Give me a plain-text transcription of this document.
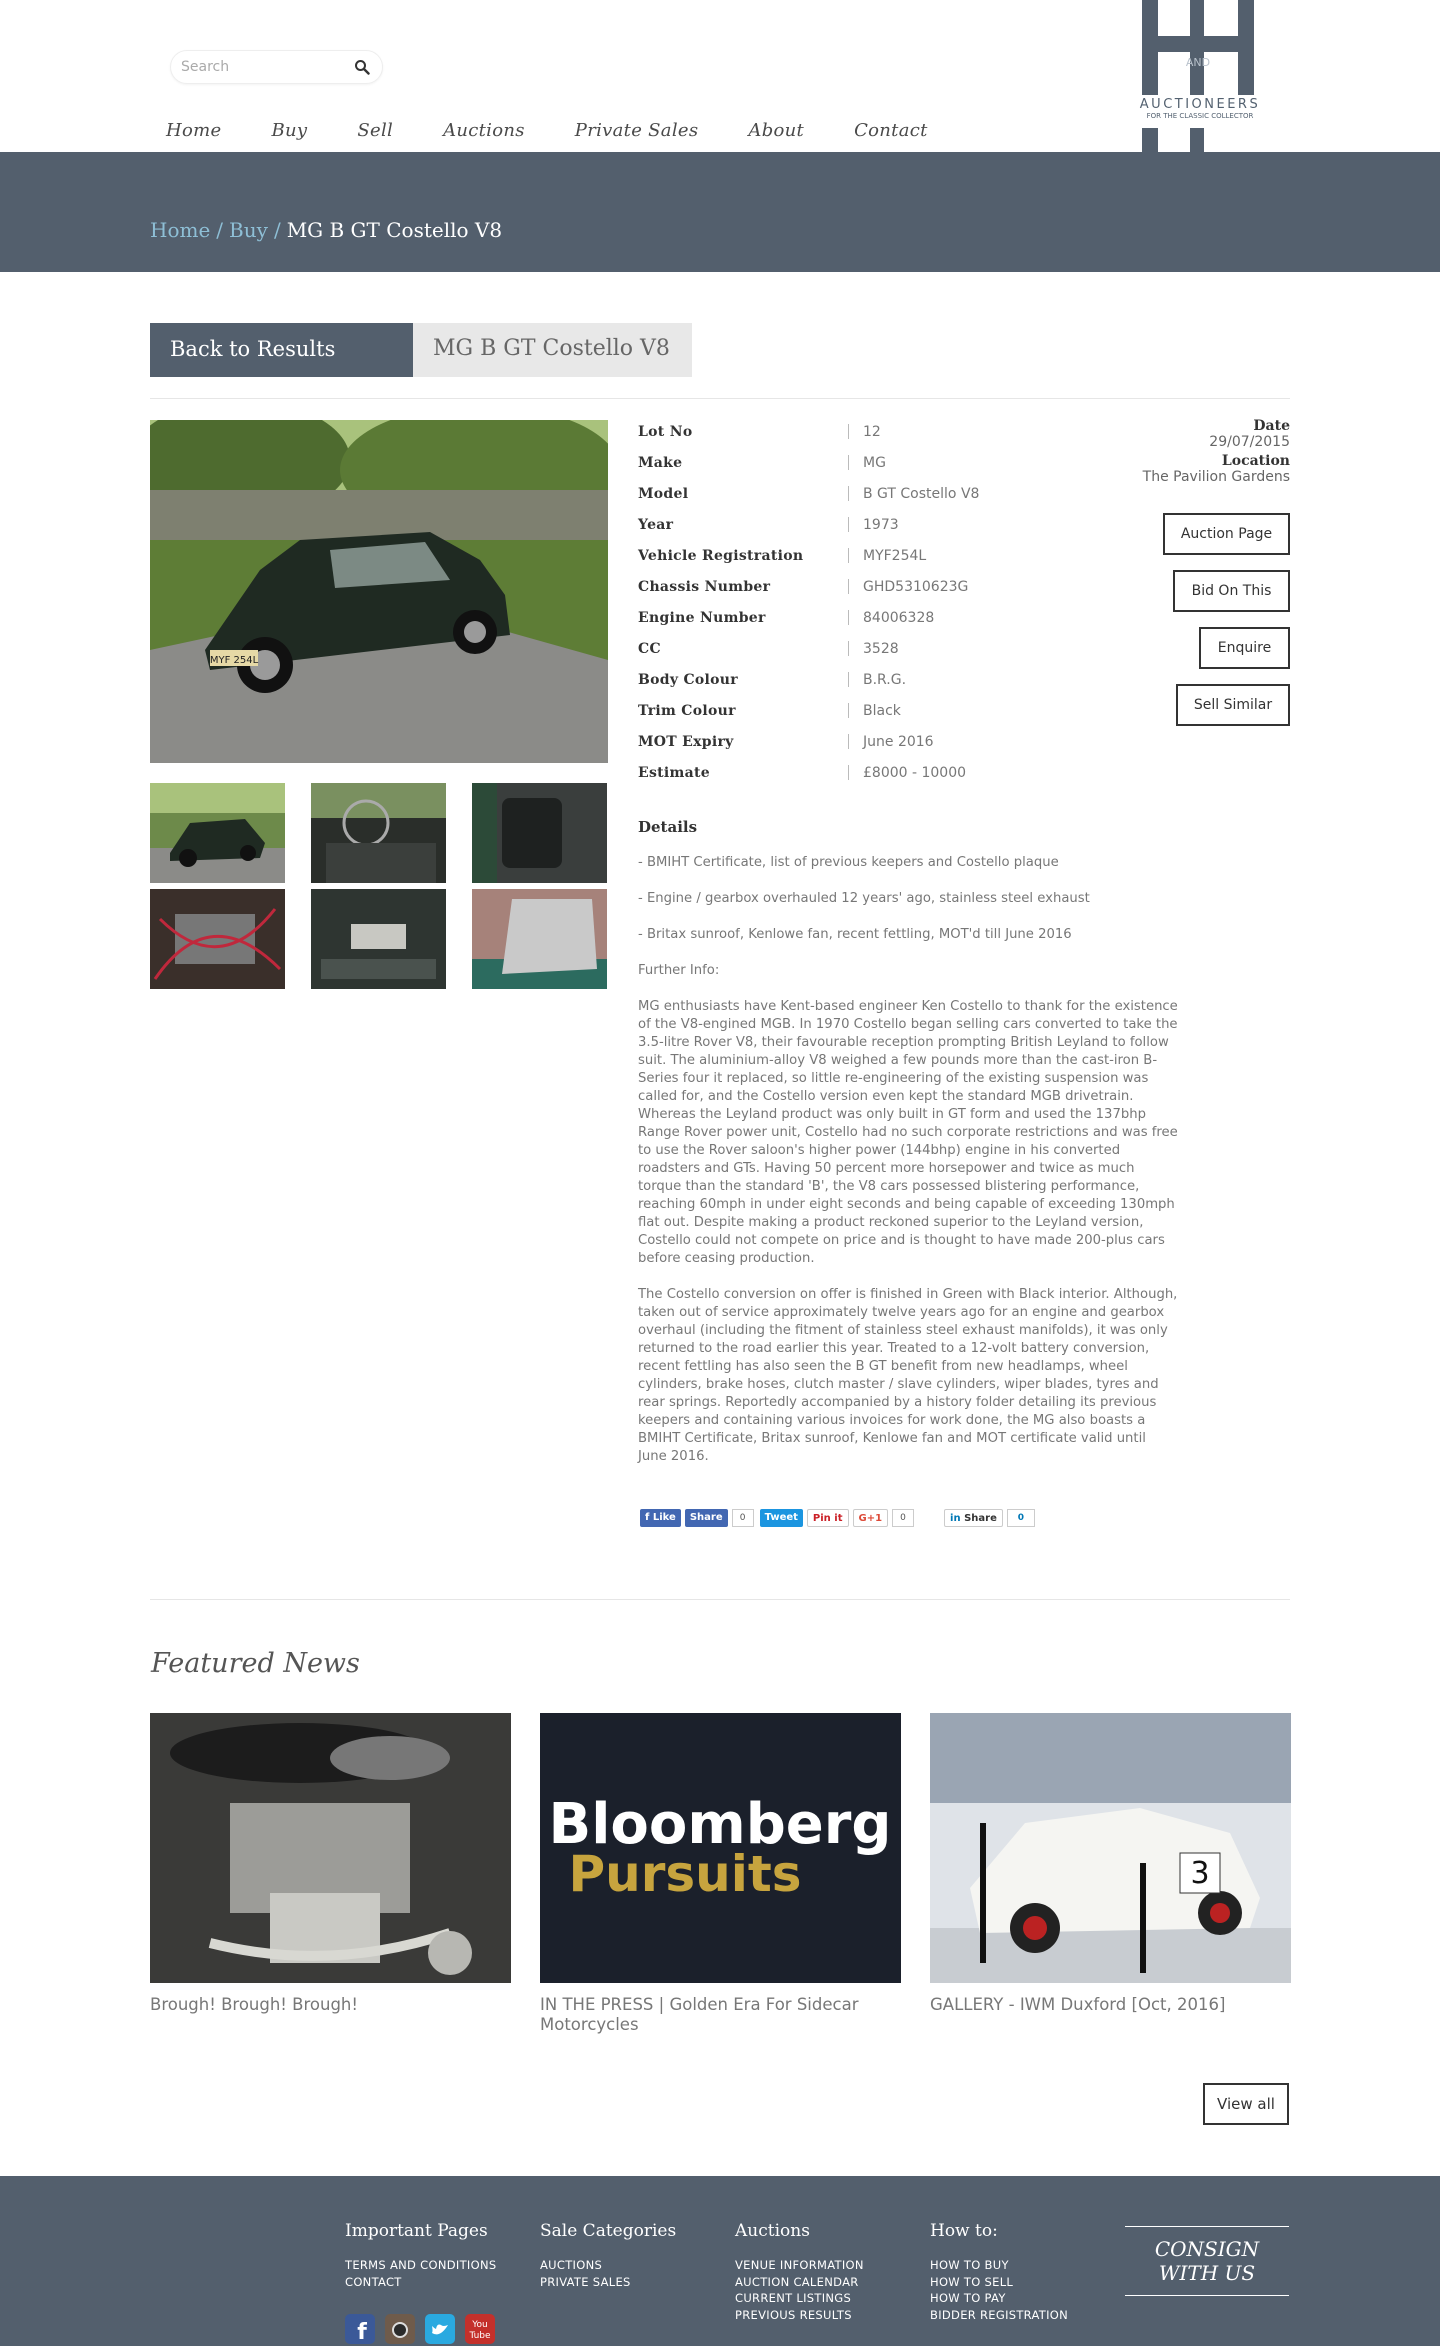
Search
Home	Buy	Sell	Auctions	Private Sales	About	Contact
AND
AUCTIONEERS
FOR THE CLASSIC COLLECTOR
Home / Buy / MG B GT Costello V8
Back to Results	MG B GT Costello V8
MYF 254L
Lot No	12
Make	MG
Model	B GT Costello V8
Year	1973
Vehicle Registration	MYF254L
Chassis Number	GHD5310623G
Engine Number	84006328
CC	3528
Body Colour	B.R.G.
Trim Colour	Black
MOT Expiry	June 2016
Estimate	£8000 - 10000
Date
29/07/2015
Location
The Pavilion Gardens
Auction Page
Bid On This
Enquire
Sell Similar
Details

- BMIHT Certificate, list of previous keepers and Costello plaque

- Engine / gearbox overhauled 12 years' ago, stainless steel exhaust

- Britax sunroof, Kenlowe fan, recent fettling, MOT'd till June 2016

Further Info:

MG enthusiasts have Kent-based engineer Ken Costello to thank for the existence of the V8-engined MGB. In 1970 Costello began selling cars converted to take the 3.5-litre Rover V8, their favourable reception prompting British Leyland to follow suit. The aluminium-alloy V8 weighed a few pounds more than the cast-iron B-Series four it replaced, so little re-engineering of the existing suspension was called for, and the Costello version even kept the standard MGB drivetrain. Whereas the Leyland product was only built in GT form and used the 137bhp Range Rover power unit, Costello had no such corporate restrictions and was free to use the Rover saloon's higher power (144bhp) engine in his converted roadsters and GTs. Having 50 percent more horsepower and twice as much torque than the standard 'B', the V8 cars possessed blistering performance, reaching 60mph in under eight seconds and being capable of exceeding 130mph flat out. Despite making a product reckoned superior to the Leyland version, Costello could not compete on price and is thought to have made 200-plus cars before ceasing production.

The Costello conversion on offer is finished in Green with Black interior. Although, taken out of service approximately twelve years ago for an engine and gearbox overhaul (including the fitment of stainless steel exhaust manifolds), it was only returned to the road earlier this year. Treated to a 12-volt battery conversion, recent fettling has also seen the B GT benefit from new headlamps, wheel cylinders, brake hoses, clutch master / slave cylinders, wiper blades, tyres and rear springs. Reportedly accompanied by a history folder detailing its previous keepers and containing various invoices for work done, the MG also boasts a BMIHT Certificate, Britax sunroof, Kenlowe fan and MOT certificate valid until June 2016.

f Like	Share	0	Tweet	Pin it	G+1	0	in Share	0
Featured News
Brough! Brough! Brough!
Bloomberg
Pursuits
IN THE PRESS | Golden Era For Sidecar Motorcycles
3
GALLERY - IWM Duxford [Oct, 2016]
View all
Important Pages
TERMS AND CONDITIONS
CONTACT
Sale Categories
AUCTIONS
PRIVATE SALES
Auctions
VENUE INFORMATION
AUCTION CALENDAR
CURRENT LISTINGS
PREVIOUS RESULTS
How to:
HOW TO BUY
HOW TO SELL
HOW TO PAY
BIDDER REGISTRATION
CONSIGN
WITH US
f	You
Tube
